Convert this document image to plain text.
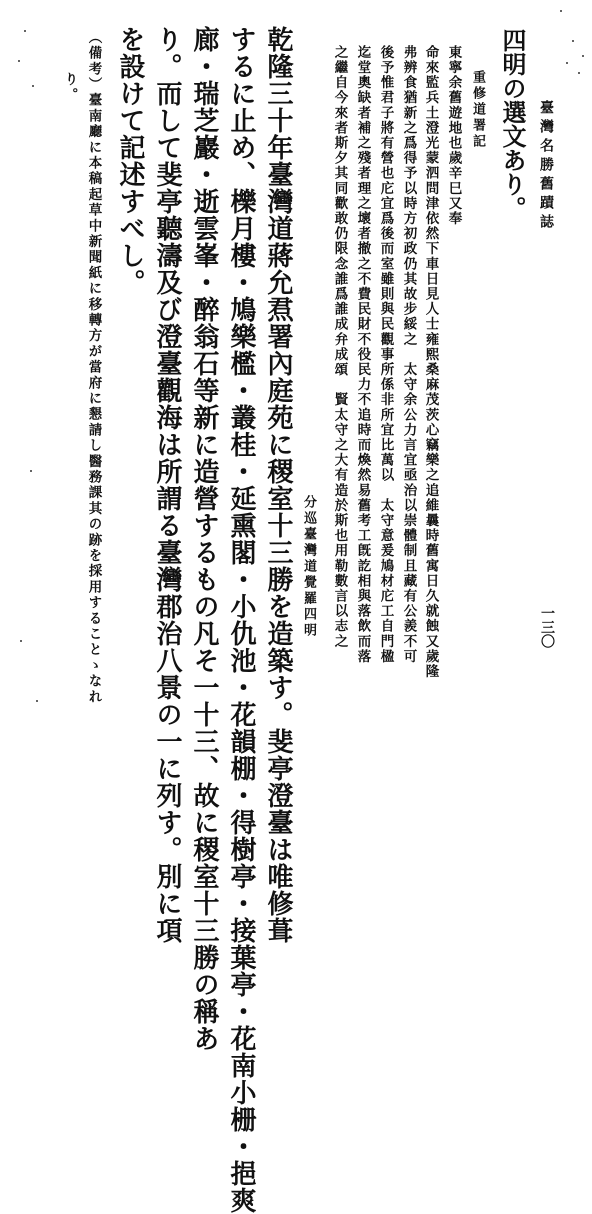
臺灣名勝舊蹟誌
一三〇
四明の選文あり。
重修道署記
東寧余舊遊地也歲辛巳又奉
命來監兵土澄光蒙泗問津依然下車日見人士雍熙桑麻茂茨心竊樂之追維曩時舊寓日久就蝕又歲隆
弗辨食猶新之爲得予以時方初政仍其故步綏之　太守余公力言宜亟治以崇體制且藏有公羨不可
後予惟君子將有營也庀宜爲後而室雖則與民觀事所係非所宜比萬以　太守意爰鳩材庀工自門楹
迄堂奧缺者補之殘者理之壞者撤之不費民財不役民力不追時而煥然易舊考工旣訖相與落飲而落
之繼自今來者斯夕其同歡敢仍限念誰爲誰成弁成頌　賢太守之大有造於斯也用勒數言以志之
分巡臺灣道覺羅四明
乾隆三十年臺灣道蔣允焄署內庭苑に稷室十三勝を造築す。斐亭澄臺は唯修葺
するに止め、櫟月樓・鳩樂檻・叢桂・延熏閣・小仇池・花韻棚・得樹亭・接葉亭・花南小栅・挹爽
廊・瑞芝巖・逝雲峯・醉翁石等新に造營するもの凡そ一十三、故に稷室十三勝の稱あ
り。而して斐亭聽濤及び澄臺觀海は所謂る臺灣郡治八景の一に列す。別に項
を設けて記述すべし。
（備考）臺南廳に本稿起草中新聞紙に移轉方が當府に懇請し醫務課其の跡を採用することゝなれ
り。
